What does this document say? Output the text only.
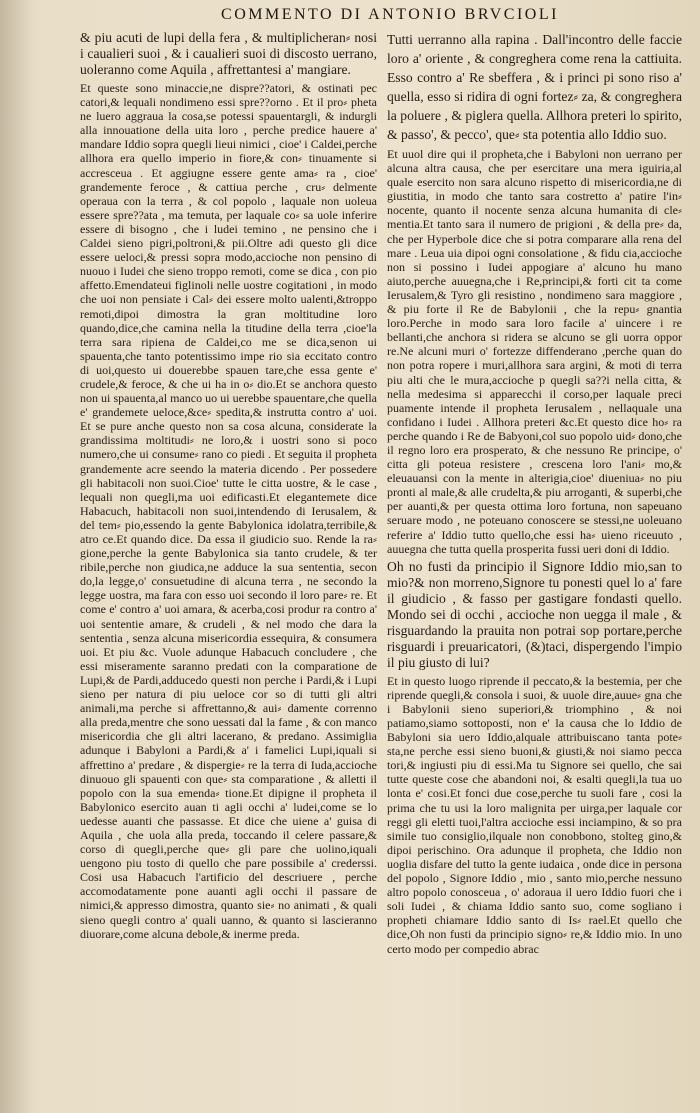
COMMENTO DI ANTONIO BRVCIOLI

& piu acuti de lupi della fera , & multiplicheran⸗ nosi i caualieri suoi , & i caualieri suoi di discosto uerrano, uoleranno come Aquila , affrettantesi a' mangiare.

Et queste sono minaccie,ne dispre??atori, & ostinati pec catori,& lequali nondimeno essi spre??orno . Et il pro⸗ pheta ne luero aggraua la cosa,se potessi spauentargli, & indurgli alla innouatione della uita loro , perche predice hauere a' mandare Iddio sopra quegli lieui nimici , cioe' i Caldei,perche allhora era quello imperio in fiore,& con⸗ tinuamente si accresceua . Et aggiugne essere gente ama⸗ ra , cioe' grandemente feroce , & cattiua perche , cru⸗ delmente operaua con la terra , & col popolo , laquale non uoleua essere spre??ata , ma temuta, per laquale co⸗ sa uole inferire essere di bisogno , che i ludei temino , ne pensino che i Caldei sieno pigri,poltroni,& pii.Oltre adi questo gli dice essere ueloci,& pressi sopra modo,accioche non pensino di nuouo i Iudei che sieno troppo remoti, come se dica , con pio affetto.Emendateui figlinoli nelle uostre cogitationi , in modo che uoi non pensiate i Cal⸗ dei essere molto ualenti,&troppo remoti,dipoi dimostra la gran moltitudine loro quando,dice,che camina nella la titudine della terra ,cioe'la terra sara ripiena de Caldei,co me se dica,senon ui spauenta,che tanto potentissimo impe rio sia eccitato contro di uoi,questo ui douerebbe spauen tare,che essa gente e' crudele,& feroce, & che ui ha in o⸗ dio.Et se anchora questo non ui spauenta,al manco uo ui uerebbe spauentare,che quella e' grandemete ueloce,&ce⸗ spedita,& instrutta contro a' uoi. Et se pure anche questo non sa cosa alcuna, considerate la grandissima moltitudi⸗ ne loro,& i uostri sono si poco numero,che ui consume⸗ rano co piedi . Et seguita il propheta grandemente acre seendo la materia dicendo . Per possedere gli habitacoli non suoi.Cioe' tutte le citta uostre, & le case , lequali non quegli,ma uoi edificasti.Et elegantemete dice Habacuch, habitacoli non suoi,intendendo di Ierusalem, & del tem⸗ pio,essendo la gente Babylonica idolatra,terribile,& atro ce.Et quando dice. Da essa il giudicio suo. Rende la ra⸗ gione,perche la gente Babylonica sia tanto crudele, & ter ribile,perche non giudica,ne adduce la sua sententia, secon do,la legge,o' consuetudine di alcuna terra , ne secondo la legge uostra, ma fara con esso uoi secondo il loro pare⸗ re. Et come e' contro a' uoi amara, & acerba,cosi produr ra contro a' uoi sententie amare, & crudeli , & nel modo che dara la sententia , senza alcuna misericordia essequira, & consumera uoi. Et piu &c. Vuole adunque Habacuch concludere , che essi miseramente saranno predati con la comparatione de Lupi,& de Pardi,adducedo questi non perche i Pardi,& i Lupi sieno per natura di piu ueloce cor so di tutti gli altri animali,ma perche si affrettanno,& aui⸗ damente correnno alla preda,mentre che sono uessati dal la fame , & con manco misericordia che gli altri lacerano, & predano. Assimiglia adunque i Babyloni a Pardi,& a' i famelici Lupi,iquali si affrettino a' predare , & dispergie⸗ re la terra di Iuda,accioche dinuouo gli spauenti con que⸗ sta comparatione , & alletti il popolo con la sua emenda⸗ tione.Et dipigne il propheta il Babylonico esercito auan ti agli occhi a' ludei,come se lo uedesse auanti che passasse. Et dice che uiene a' guisa di Aquila , che uola alla preda, toccando il celere passare,& corso di quegli,perche que⸗ gli pare che uolino,iquali uengono piu tosto di quello che pare possibile a' crederssi. Cosi usa Habacuch l'artificio del descriuere , perche accomodatamente pone auanti agli occhi il passare de nimici,& appresso dimostra, quanto sie⸗ no animati , & quali sieno quegli contro a' quali uanno, & quanto si lascieranno diuorare,come alcuna debole,& inerme preda.

Tutti uerranno alla rapina . Dall'incontro delle faccie loro a' oriente , & congreghera come rena la cattiuita. Esso contro a' Re sbeffera , & i princi pi sono riso a' quella, esso si ridira di ogni fortez⸗ za, & congreghera la poluere , & piglera quella. Allhora preteri lo spirito, & passo', & pecco', que⸗ sta potentia allo Iddio suo.

Et uuol dire qui il propheta,che i Babyloni non uerrano per alcuna altra causa, che per esercitare una mera iguiria,al quale esercito non sara alcuno rispetto di misericordia,ne di giustitia, in modo che tanto sara costretto a' patire l'in⸗ nocente, quanto il nocente senza alcuna humanita di cle⸗ mentia.Et tanto sara il numero de prigioni , & della pre⸗ da, che per Hyperbole dice che si potra comparare alla rena del mare . Leua uia dipoi ogni consolatione , & fidu cia,accioche non si possino i Iudei appogiare a' alcuno hu mano aiuto,perche auuegna,che i Re,principi,& forti cit ta come Ierusalem,& Tyro gli resistino , nondimeno sara maggiore , & piu forte il Re de Babylonii , che la repu⸗ gnantia loro.Perche in modo sara loro facile a' uincere i re bellanti,che anchora si ridera se alcuno se gli uorra oppor re.Ne alcuni muri o' fortezze diffenderano ,perche quan do non potra ropere i muri,allhora sara argini, & moti di terra piu alti che le mura,accioche p quegli sa??i nella citta, & nella medesima si apparecchi il corso,per laquale preci puamente intende il propheta Ierusalem , nellaquale una confidano i Iudei . Allhora preteri &c.Et questo dice ho⸗ ra perche quando i Re de Babyoni,col suo popolo uid⸗ dono,che il regno loro era prosperato, & che nessuno Re principe, o' citta gli poteua resistere , crescena loro l'ani⸗ mo,& eleuauansi con la mente in alterigia,cioe' diueniua⸗ no piu pronti al male,& alle crudelta,& piu arroganti, & superbi,che per auanti,& per questa ottima loro fortuna, non sapeuano seruare modo , ne poteuano conoscere se stessi,ne uoleuano referire a' Iddio tutto quello,che essi ha⸗ uieno riceuuto , auuegna che tutta quella prosperita fussi ueri doni di Iddio.

Oh no fusti da principio il Signore Iddio mio,san to mio?& non morreno,Signore tu ponesti quel lo a' fare il giudicio , & fasso per gastigare fondasti quello. Mondo sei di occhi , accioche non uegga il male , & risguardando la prauita non potrai sop portare,perche risguardi i preuaricatori, (&)taci, dispergendo l'impio il piu giusto di lui?

Et in questo luogo riprende il peccato,& la bestemia, per che riprende quegli,& consola i suoi, & uuole dire,auue⸗ gna che i Babylonii sieno superiori,& triomphino , & noi patiamo,siamo sottoposti, non e' la causa che lo Iddio de Babyloni sia uero Iddio,alquale attribuiscano tanta pote⸗ sta,ne perche essi sieno buoni,& giusti,& noi siamo pecca tori,& ingiusti piu di essi.Ma tu Signore sei quello, che sai tutte queste cose che abandoni noi, & esalti quegli,la tua uo lonta e' cosi.Et fonci due cose,perche tu suoli fare , cosi la prima che tu usi la loro malignita per uirga,per laquale cor reggi gli eletti tuoi,l'altra accioche essi inciampino, & so pra simile tuo consiglio,ilquale non conobbono, stolteg gino,& dipoi perischino. Ora adunque il propheta, che Iddio non uoglia disfare del tutto la gente iudaica , onde dice in persona del popolo , Signore Iddio , mio , santo mio,perche nessuno altro popolo conosceua , o' adoraua il uero Iddio fuori che i soli Iudei , & chiama Iddio santo suo, come sogliano i propheti chiamare Iddio santo di Is⸗ rael.Et quello che dice,Oh non fusti da principio signo⸗ re,& Iddio mio. In uno certo modo per compedio abrac
